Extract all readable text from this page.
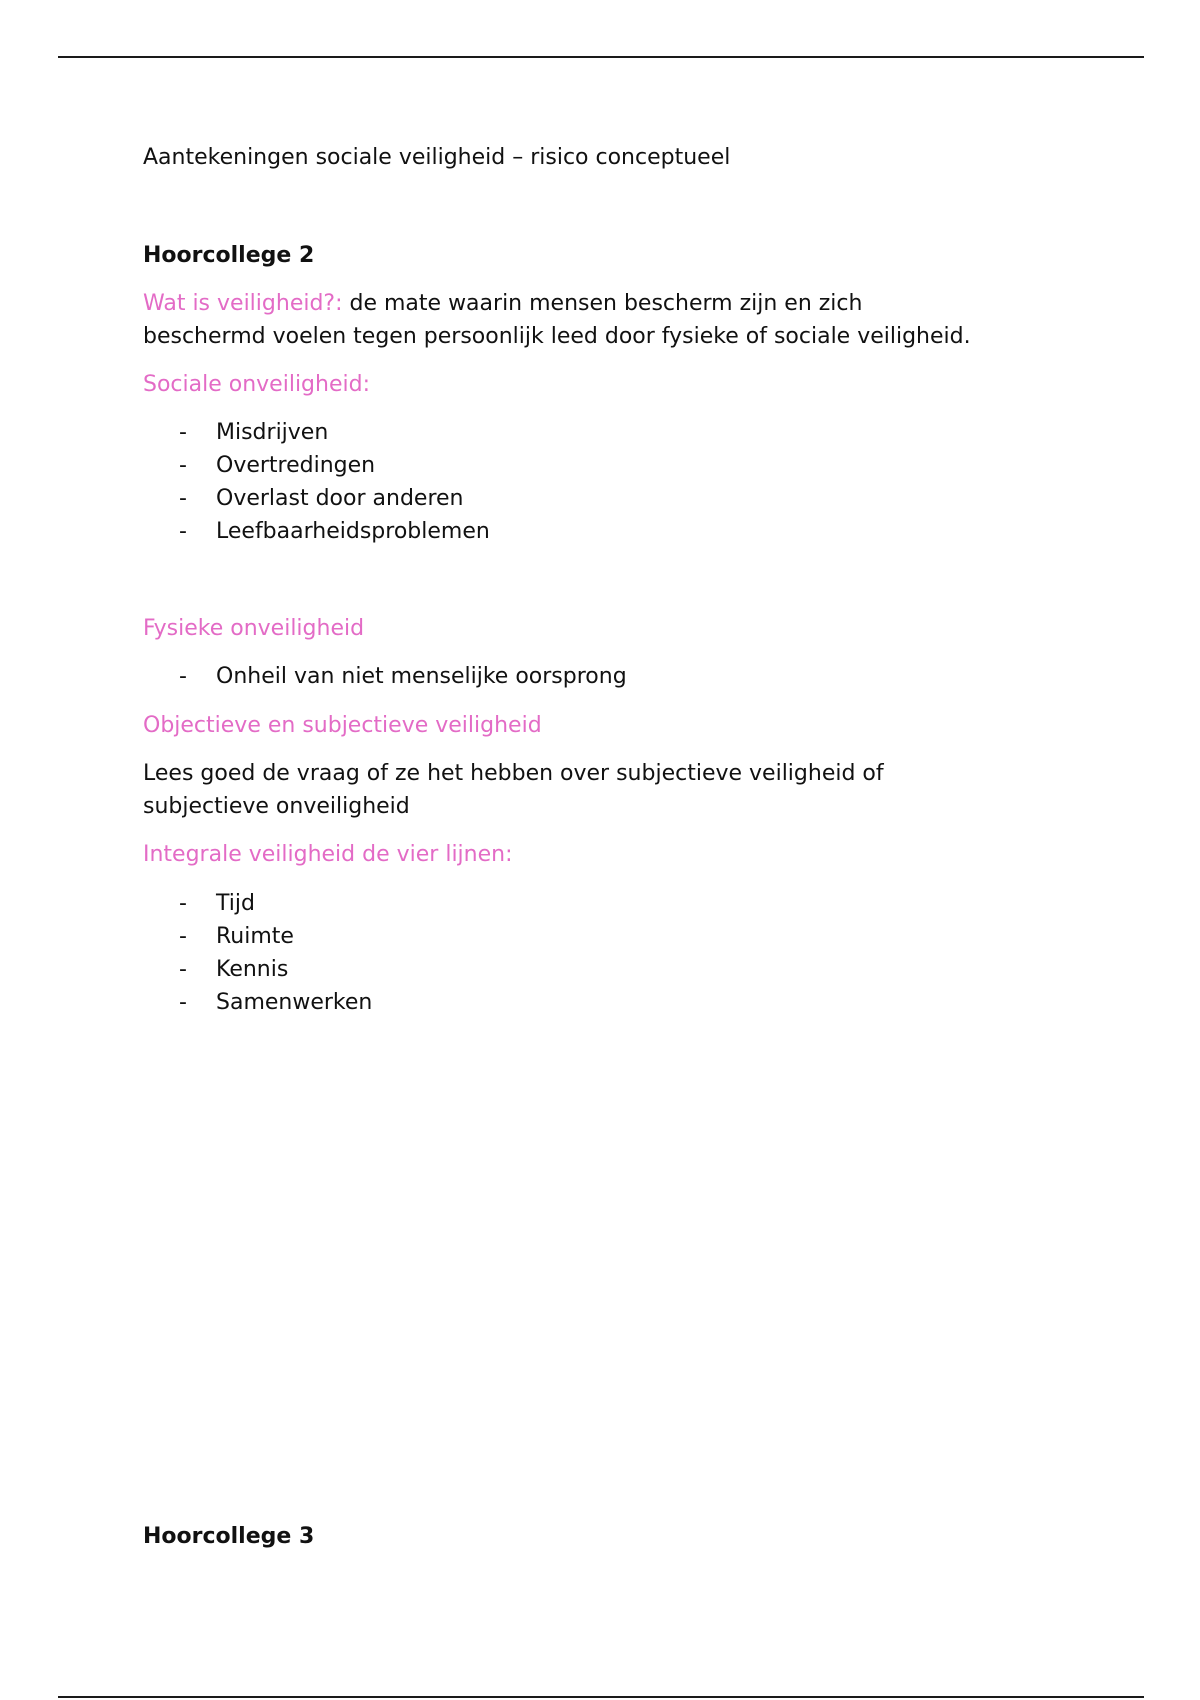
Aantekeningen sociale veiligheid – risico conceptueel
Hoorcollege 2
Wat is veiligheid?: de mate waarin mensen bescherm zijn en zich
beschermd voelen tegen persoonlijk leed door fysieke of sociale veiligheid.
Sociale onveiligheid:
- Misdrijven
- Overtredingen
- Overlast door anderen
- Leefbaarheidsproblemen
Fysieke onveiligheid
- Onheil van niet menselijke oorsprong
Objectieve en subjectieve veiligheid
Lees goed de vraag of ze het hebben over subjectieve veiligheid of
subjectieve onveiligheid
Integrale veiligheid de vier lijnen:
- Tijd
- Ruimte
- Kennis
- Samenwerken
Hoorcollege 3
